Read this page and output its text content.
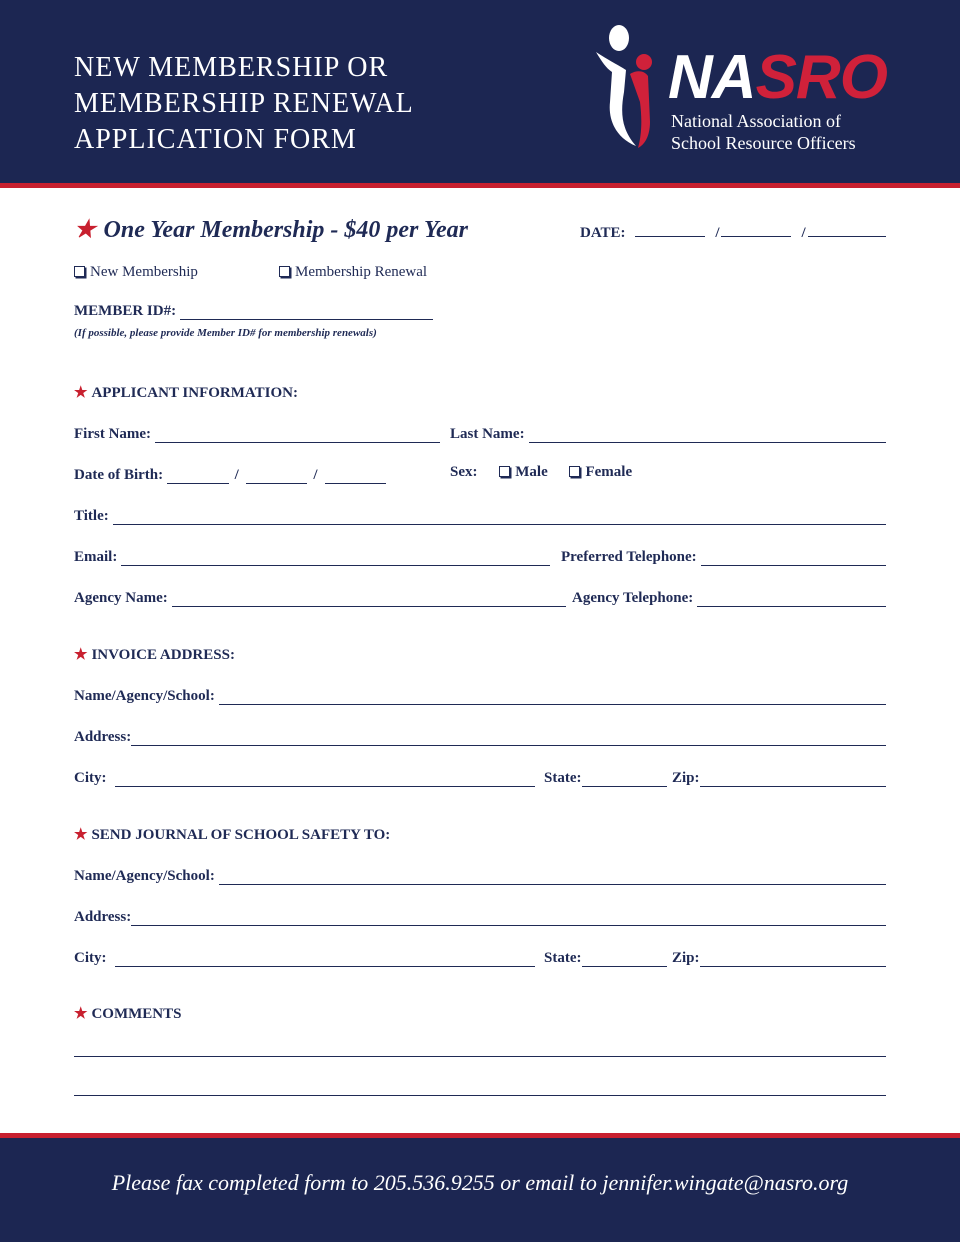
NEW MEMBERSHIP OR
MEMBERSHIP RENEWAL
APPLICATION FORM
NASRO
National Association of
School Resource Officers
★ One Year Membership - $40 per Year	DATE:	/	/
New Membership	Membership Renewal
MEMBER ID#:
(If possible, please provide Member ID# for membership renewals)
★ APPLICANT INFORMATION:
First Name:	Last Name:
Date of Birth:	/	/	Sex:	Male	Female
Title:
Email:	Preferred Telephone:
Agency Name:	Agency Telephone:
★ INVOICE ADDRESS:
Name/Agency/School:
Address:
City:	State:	Zip:
★ SEND JOURNAL OF SCHOOL SAFETY TO:
Name/Agency/School:
Address:
City:	State:	Zip:
★ COMMENTS
Please fax completed form to 205.536.9255 or email to jennifer.wingate@nasro.org
